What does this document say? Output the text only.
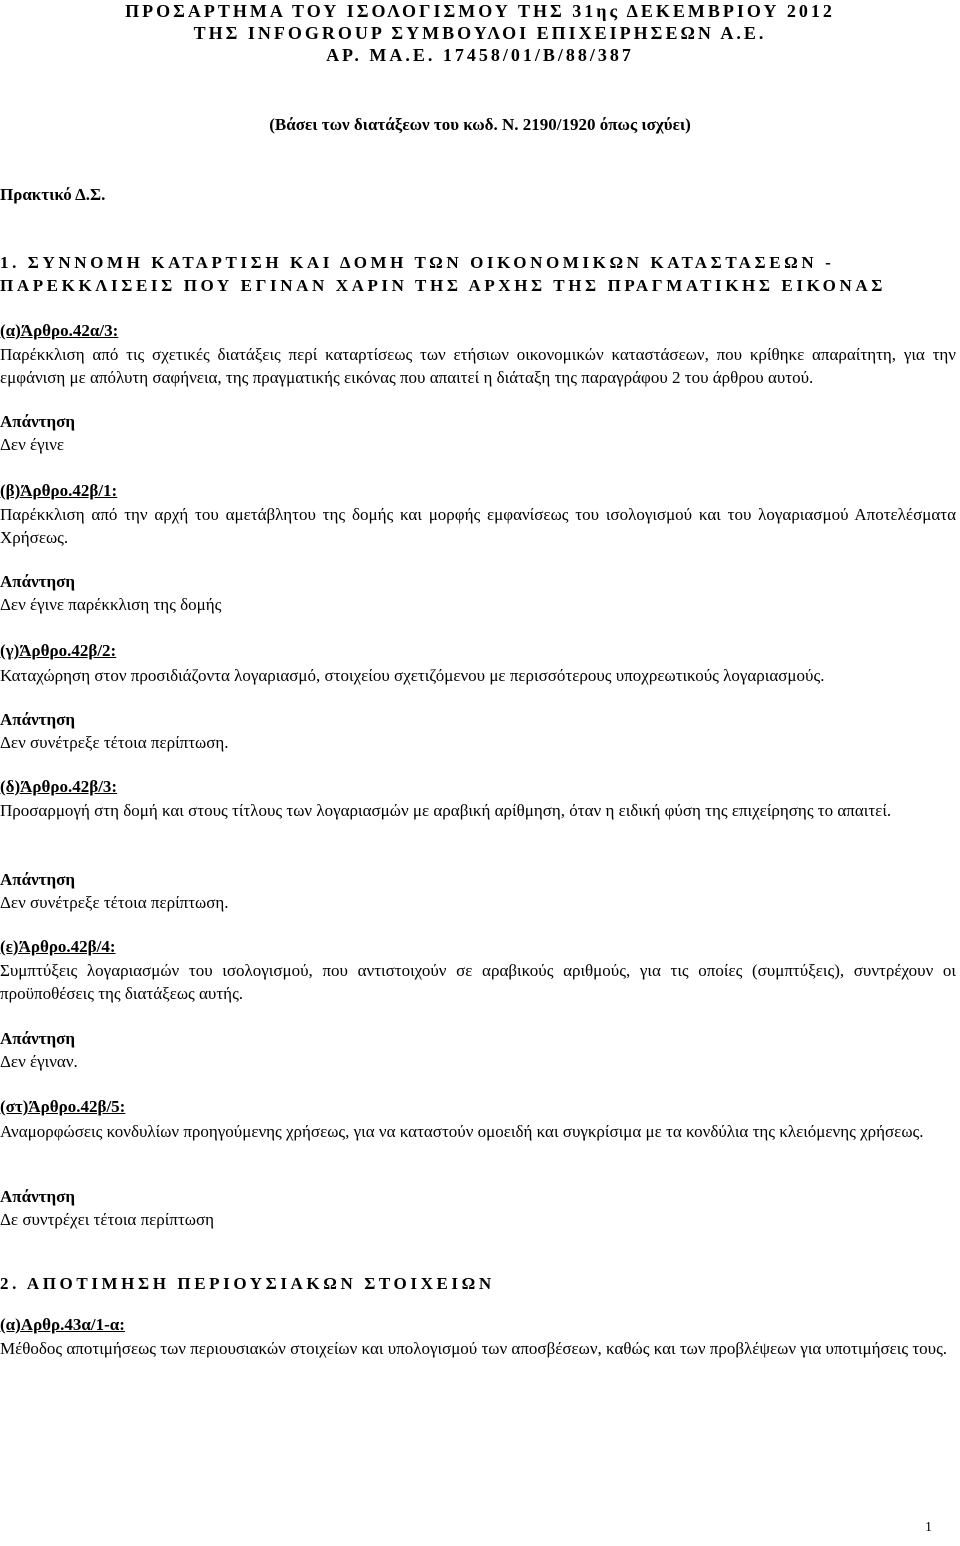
ΠΡΟΣΑΡΤΗΜΑ ΤΟΥ ΙΣΟΛΟΓΙΣΜΟΥ ΤΗΣ 31ης ΔΕΚΕΜΒΡΙΟΥ 2012
ΤΗΣ INFOGROUP ΣΥΜΒΟΥΛΟΙ ΕΠΙΧΕΙΡΗΣΕΩΝ Α.Ε.
ΑΡ. ΜΑ.Ε. 17458/01/Β/88/387
(Βάσει των διατάξεων του κωδ. Ν. 2190/1920 όπως ισχύει)
Πρακτικό Δ.Σ.
1. ΣΥΝΝΟΜΗ ΚΑΤΑΡΤΙΣΗ ΚΑΙ ΔΟΜΗ ΤΩΝ ΟΙΚΟΝΟΜΙΚΩΝ ΚΑΤΑΣΤΑΣΕΩΝ -
ΠΑΡΕΚΚΛΙΣΕΙΣ ΠΟΥ ΕΓΙΝΑΝ ΧΑΡΙΝ ΤΗΣ ΑΡΧΗΣ ΤΗΣ ΠΡΑΓΜΑΤΙΚΗΣ ΕΙΚΟΝΑΣ
(α)Άρθρο.42α/3:
Παρέκκλιση από τις σχετικές διατάξεις περί καταρτίσεως των ετήσιων οικονομικών καταστάσεων, που κρίθηκε απαραίτητη, για την εμφάνιση με απόλυτη σαφήνεια, της πραγματικής εικόνας που απαιτεί η διάταξη της παραγράφου 2 του άρθρου αυτού.
Απάντηση
Δεν έγινε
(β)Άρθρο.42β/1:
Παρέκκλιση από την αρχή του αμετάβλητου της δομής και μορφής εμφανίσεως του ισολογισμού και του λογαριασμού Αποτελέσματα Χρήσεως.
Απάντηση
Δεν έγινε παρέκκλιση της δομής
(γ)Άρθρο.42β/2:
Καταχώρηση στον προσιδιάζοντα λογαριασμό, στοιχείου σχετιζόμενου με περισσότερους υποχρεωτικούς λογαριασμούς.
Απάντηση
Δεν συνέτρεξε τέτοια περίπτωση.
(δ)Άρθρο.42β/3:
Προσαρμογή στη δομή και στους τίτλους των λογαριασμών με αραβική αρίθμηση, όταν η ειδική φύση της επιχείρησης το απαιτεί.
Απάντηση
Δεν συνέτρεξε τέτοια περίπτωση.
(ε)Άρθρο.42β/4:
Συμπτύξεις λογαριασμών του ισολογισμού, που αντιστοιχούν σε αραβικούς αριθμούς, για τις οποίες (συμπτύξεις), συντρέχουν οι προϋποθέσεις της διατάξεως αυτής.
Απάντηση
Δεν έγιναν.
(στ)Άρθρο.42β/5:
Αναμορφώσεις κονδυλίων προηγούμενης χρήσεως, για να καταστούν ομοειδή και συγκρίσιμα με τα κονδύλια της κλειόμενης χρήσεως.
Απάντηση
Δε συντρέχει τέτοια περίπτωση
2. ΑΠΟΤΙΜΗΣΗ ΠΕΡΙΟΥΣΙΑΚΩΝ ΣΤΟΙΧΕΙΩΝ
(α)Αρθρ.43α/1-α:
Μέθοδος αποτιμήσεως των περιουσιακών στοιχείων και υπολογισμού των αποσβέσεων, καθώς και των προβλέψεων για υποτιμήσεις τους.
1
